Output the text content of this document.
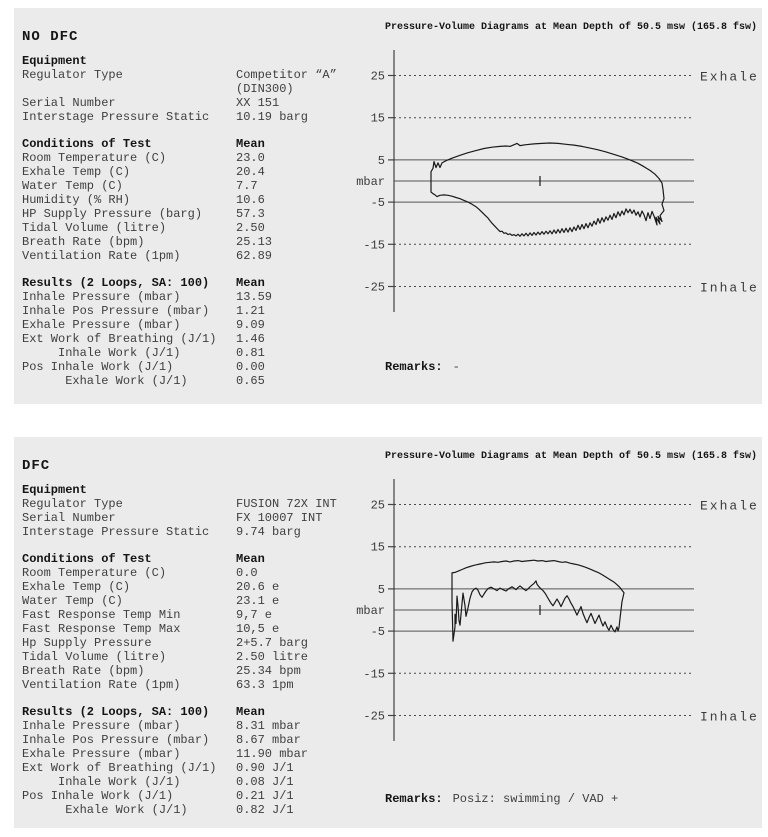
NO DFC
Pressure-Volume Diagrams at Mean Depth of 50.5 msw (165.8 fsw)
Equipment
Regulator Type	Competitor “A”
(DIN300)
Serial Number	XX 151
Interstage Pressure Static	10.19 barg
Conditions of Test	Mean
Room Temperature (C)	23.0
Exhale Temp (C)	20.4
Water Temp (C)	7.7
Humidity (% RH)	10.6
HP Supply Pressure (barg)	57.3
Tidal Volume (litre)	2.50
Breath Rate (bpm)	25.13
Ventilation Rate (1pm)	62.89
Results (2 Loops, SA: 100)	Mean
Inhale Pressure (mbar)	13.59
Inhale Pos Pressure (mbar)	1.21
Exhale Pressure (mbar)	9.09
Ext Work of Breathing (J/1)	1.46
Inhale Work (J/1)	0.81
Pos Inhale Work (J/1)	0.00
Exhale Work (J/1)	0.65
25
15
5
-5
-15
-25
mbar
Exhale
Inhale
Remarks: -
DFC
Pressure-Volume Diagrams at Mean Depth of 50.5 msw (165.8 fsw)
Equipment
Regulator Type	FUSION 72X INT
Serial Number	FX 10007 INT
Interstage Pressure Static	9.74 barg
Conditions of Test	Mean
Room Temperature (C)	0.0
Exhale Temp (C)	20.6 e
Water Temp (C)	23.1 e
Fast Response Temp Min	9,7 e
Fast Response Temp Max	10,5 e
Hp Supply Pressure	2+5.7 barg
Tidal Volume (litre)	2.50 litre
Breath Rate (bpm)	25.34 bpm
Ventilation Rate (1pm)	63.3 1pm
Results (2 Loops, SA: 100)	Mean
Inhale Pressure (mbar)	8.31 mbar
Inhale Pos Pressure (mbar)	8.67 mbar
Exhale Pressure (mbar)	11.90 mbar
Ext Work of Breathing (J/1)	0.90 J/1
Inhale Work (J/1)	0.08 J/1
Pos Inhale Work (J/1)	0.21 J/1
Exhale Work (J/1)	0.82 J/1
25
15
5
-5
-15
-25
mbar
Exhale
Inhale
Remarks: Posiz: swimming / VAD +
